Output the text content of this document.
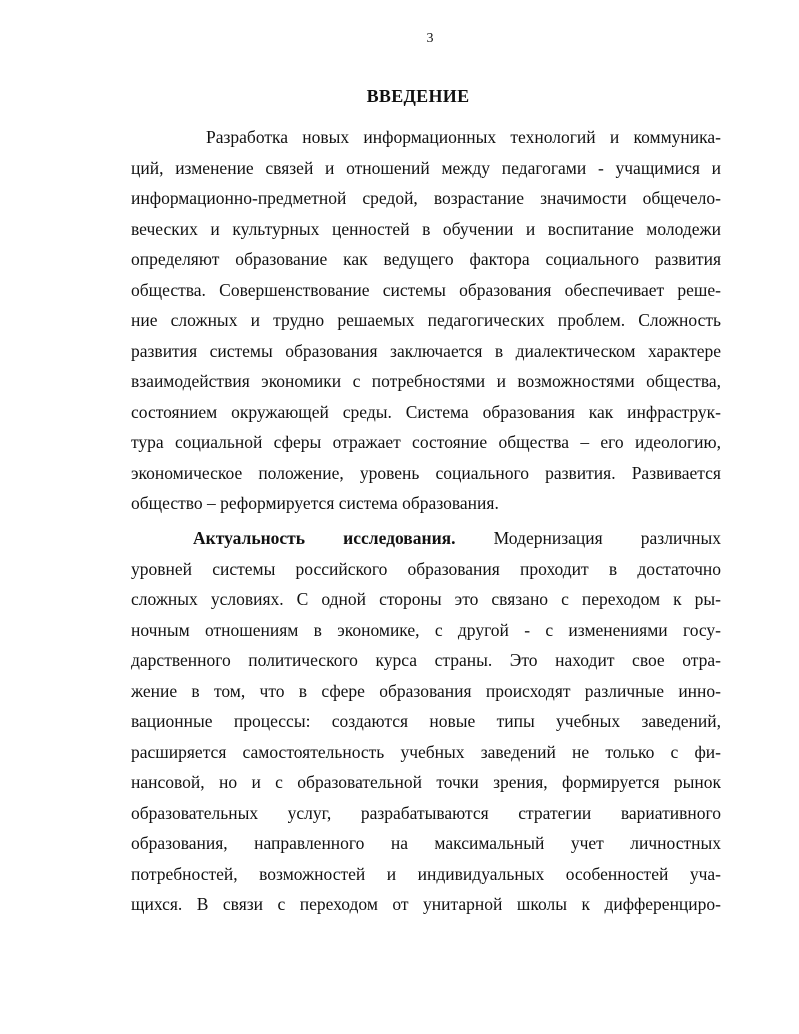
3
ВВЕДЕНИЕ
Разработка новых информационных технологий и коммуника-
ций, изменение связей и отношений между педагогами - учащимися и
информационно-предметной средой, возрастание значимости общечело-
веческих и культурных ценностей в обучении и воспитание молодежи
определяют образование как ведущего фактора социального развития
общества. Совершенствование системы образования обеспечивает реше-
ние сложных и трудно решаемых педагогических проблем. Сложность
развития системы образования заключается в диалектическом характере
взаимодействия экономики с потребностями и возможностями общества,
состоянием окружающей среды. Система образования как инфраструк-
тура социальной сферы отражает состояние общества – его идеологию,
экономическое положение, уровень социального развития. Развивается
общество – реформируется система образования.
Актуальность исследования. Модернизация различных
уровней системы российского образования проходит в достаточно
сложных условиях. С одной стороны это связано с переходом к ры-
ночным отношениям в экономике, с другой - с изменениями госу-
дарственного политического курса страны. Это находит свое отра-
жение в том, что в сфере образования происходят различные инно-
вационные процессы: создаются новые типы учебных заведений,
расширяется самостоятельность учебных заведений не только с фи-
нансовой, но и с образовательной точки зрения, формируется рынок
образовательных услуг, разрабатываются стратегии вариативного
образования, направленного на максимальный учет личностных
потребностей, возможностей и индивидуальных особенностей уча-
щихся. В связи с переходом от унитарной школы к дифференциро-
